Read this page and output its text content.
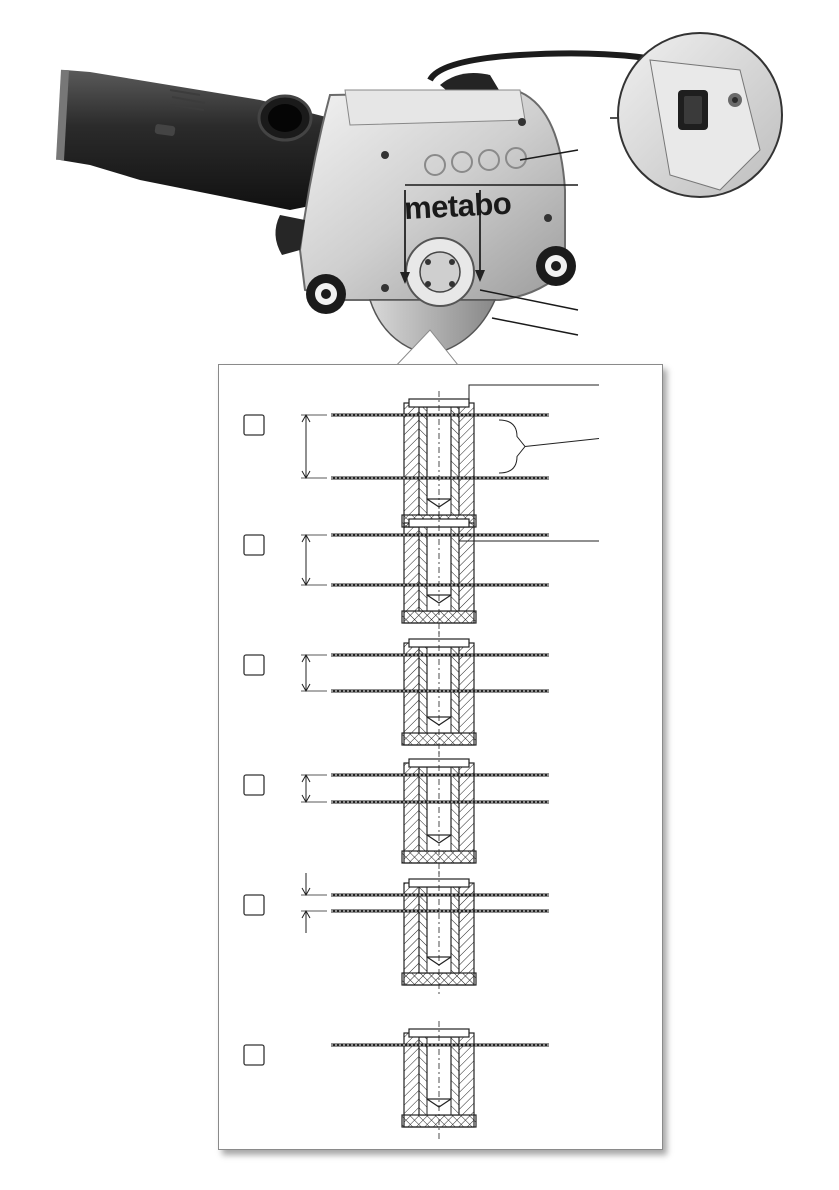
metabo
